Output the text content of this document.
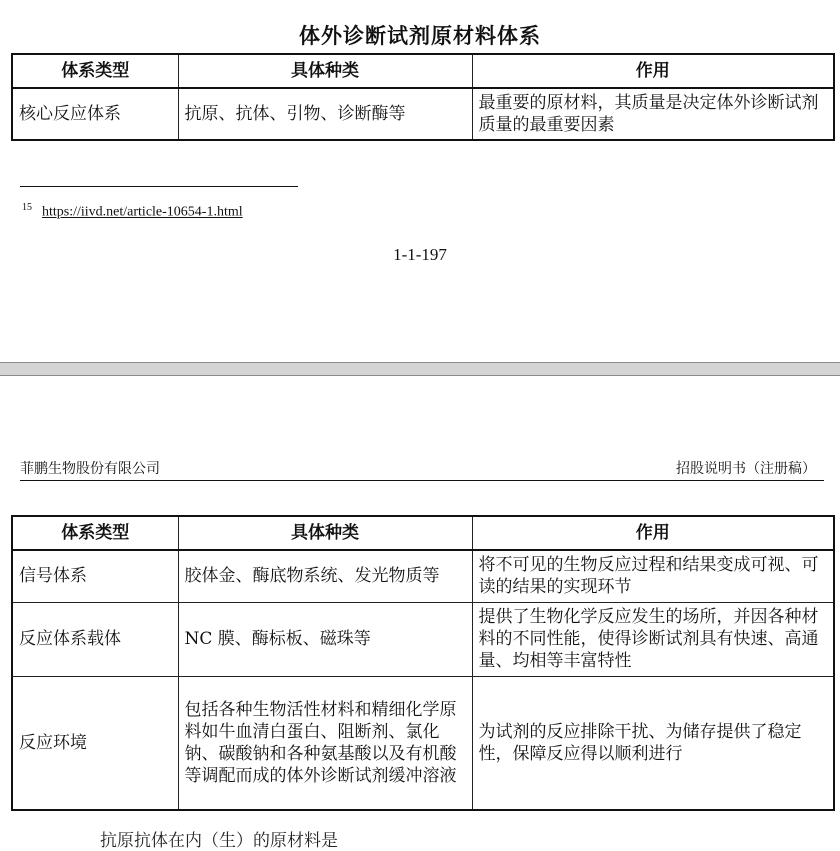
体外诊断试剂原材料体系
体系类型	具体种类	作用
核心反应体系	抗原、抗体、引物、诊断酶等	最重要的原材料，其质量是决定体外诊断试剂质量的最重要因素
$^{15}$ https://iivd.net/article-10654-1.html
1-1-197
菲鹏生物股份有限公司	招股说明书（注册稿）
体系类型	具体种类	作用
信号体系	胶体金、酶底物系统、发光物质等	将不可见的生物反应过程和结果变成可视、可读的结果的实现环节
反应体系载体	NC 膜、酶标板、磁珠等	提供了生物化学反应发生的场所，并因各种材料的不同性能，使得诊断试剂具有快速、高通量、均相等丰富特性
反应环境	包括各种生物活性材料和精细化学原料如牛血清白蛋白、阻断剂、氯化钠、碳酸钠和各种氨基酸以及有机酸等调配而成的体外诊断试剂缓冲溶液	为试剂的反应排除干扰、为储存提供了稳定性，保障反应得以顺利进行
抗原抗体在内（生）的原材料是
